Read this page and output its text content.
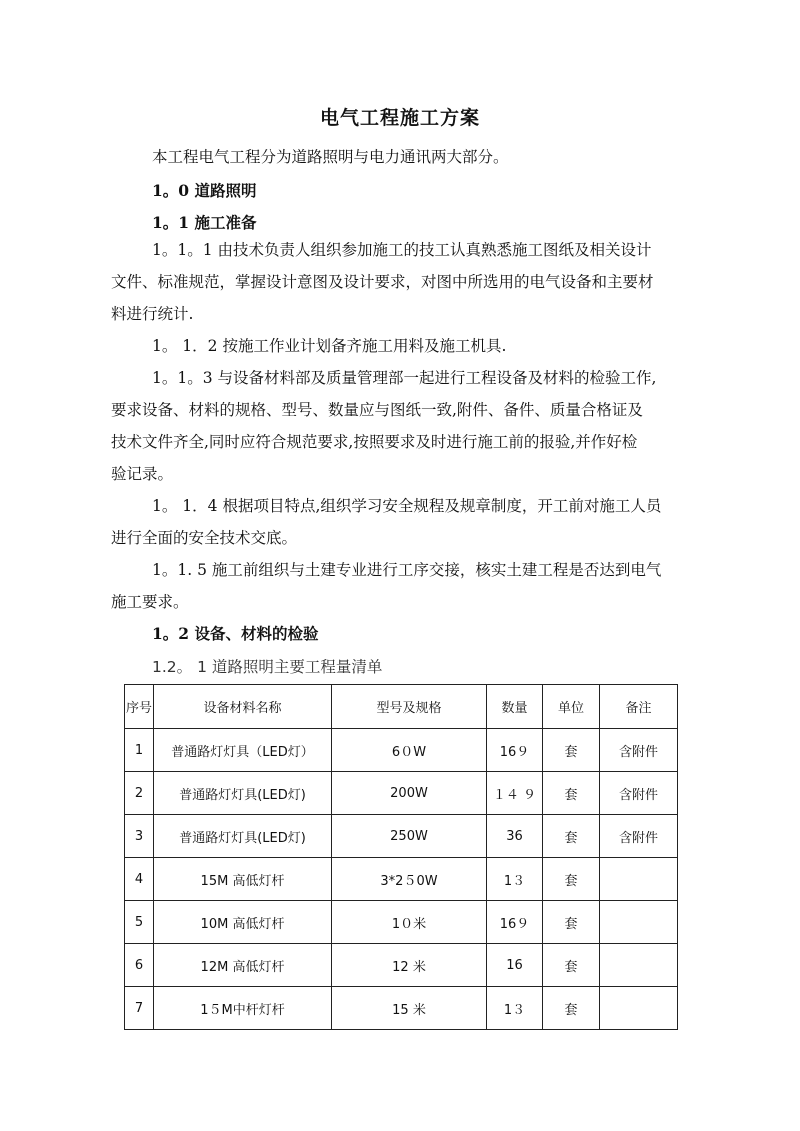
电气工程施工方案
本工程电气工程分为道路照明与电力通讯两大部分。
1。0 道路照明
1。1 施工准备
1。1。1 由技术负责人组织参加施工的技工认真熟悉施工图纸及相关设计
文件、标准规范，掌握设计意图及设计要求，对图中所选用的电气设备和主要材
料进行统计.
1。 1．2 按施工作业计划备齐施工用料及施工机具.
1。1。3 与设备材料部及质量管理部一起进行工程设备及材料的检验工作,
要求设备、材料的规格、型号、数量应与图纸一致,附件、备件、质量合格证及
技术文件齐全,同时应符合规范要求,按照要求及时进行施工前的报验,并作好检
验记录。
1。 1．4 根据项目特点,组织学习安全规程及规章制度，开工前对施工人员
进行全面的安全技术交底。
1。1. 5 施工前组织与土建专业进行工序交接，核实土建工程是否达到电气
施工要求。
1。2 设备、材料的检验
1.2。 1 道路照明主要工程量清单
序号	设备材料名称	型号及规格	数量	单位	备注
1	普通路灯灯具（LED灯）	6０W	16９	套	含附件
2	普通路灯灯具(LED灯)	200W	１４ ９	套	含附件
3	普通路灯灯具(LED灯)	250W	36	套	含附件
4	15M 高低灯杆	3*2５0W	1３	套	
5	10M 高低灯杆	1０米	16９	套	
6	12M 高低灯杆	12 米	16	套	
7	1５M中杆灯杆	15 米	1３	套	
